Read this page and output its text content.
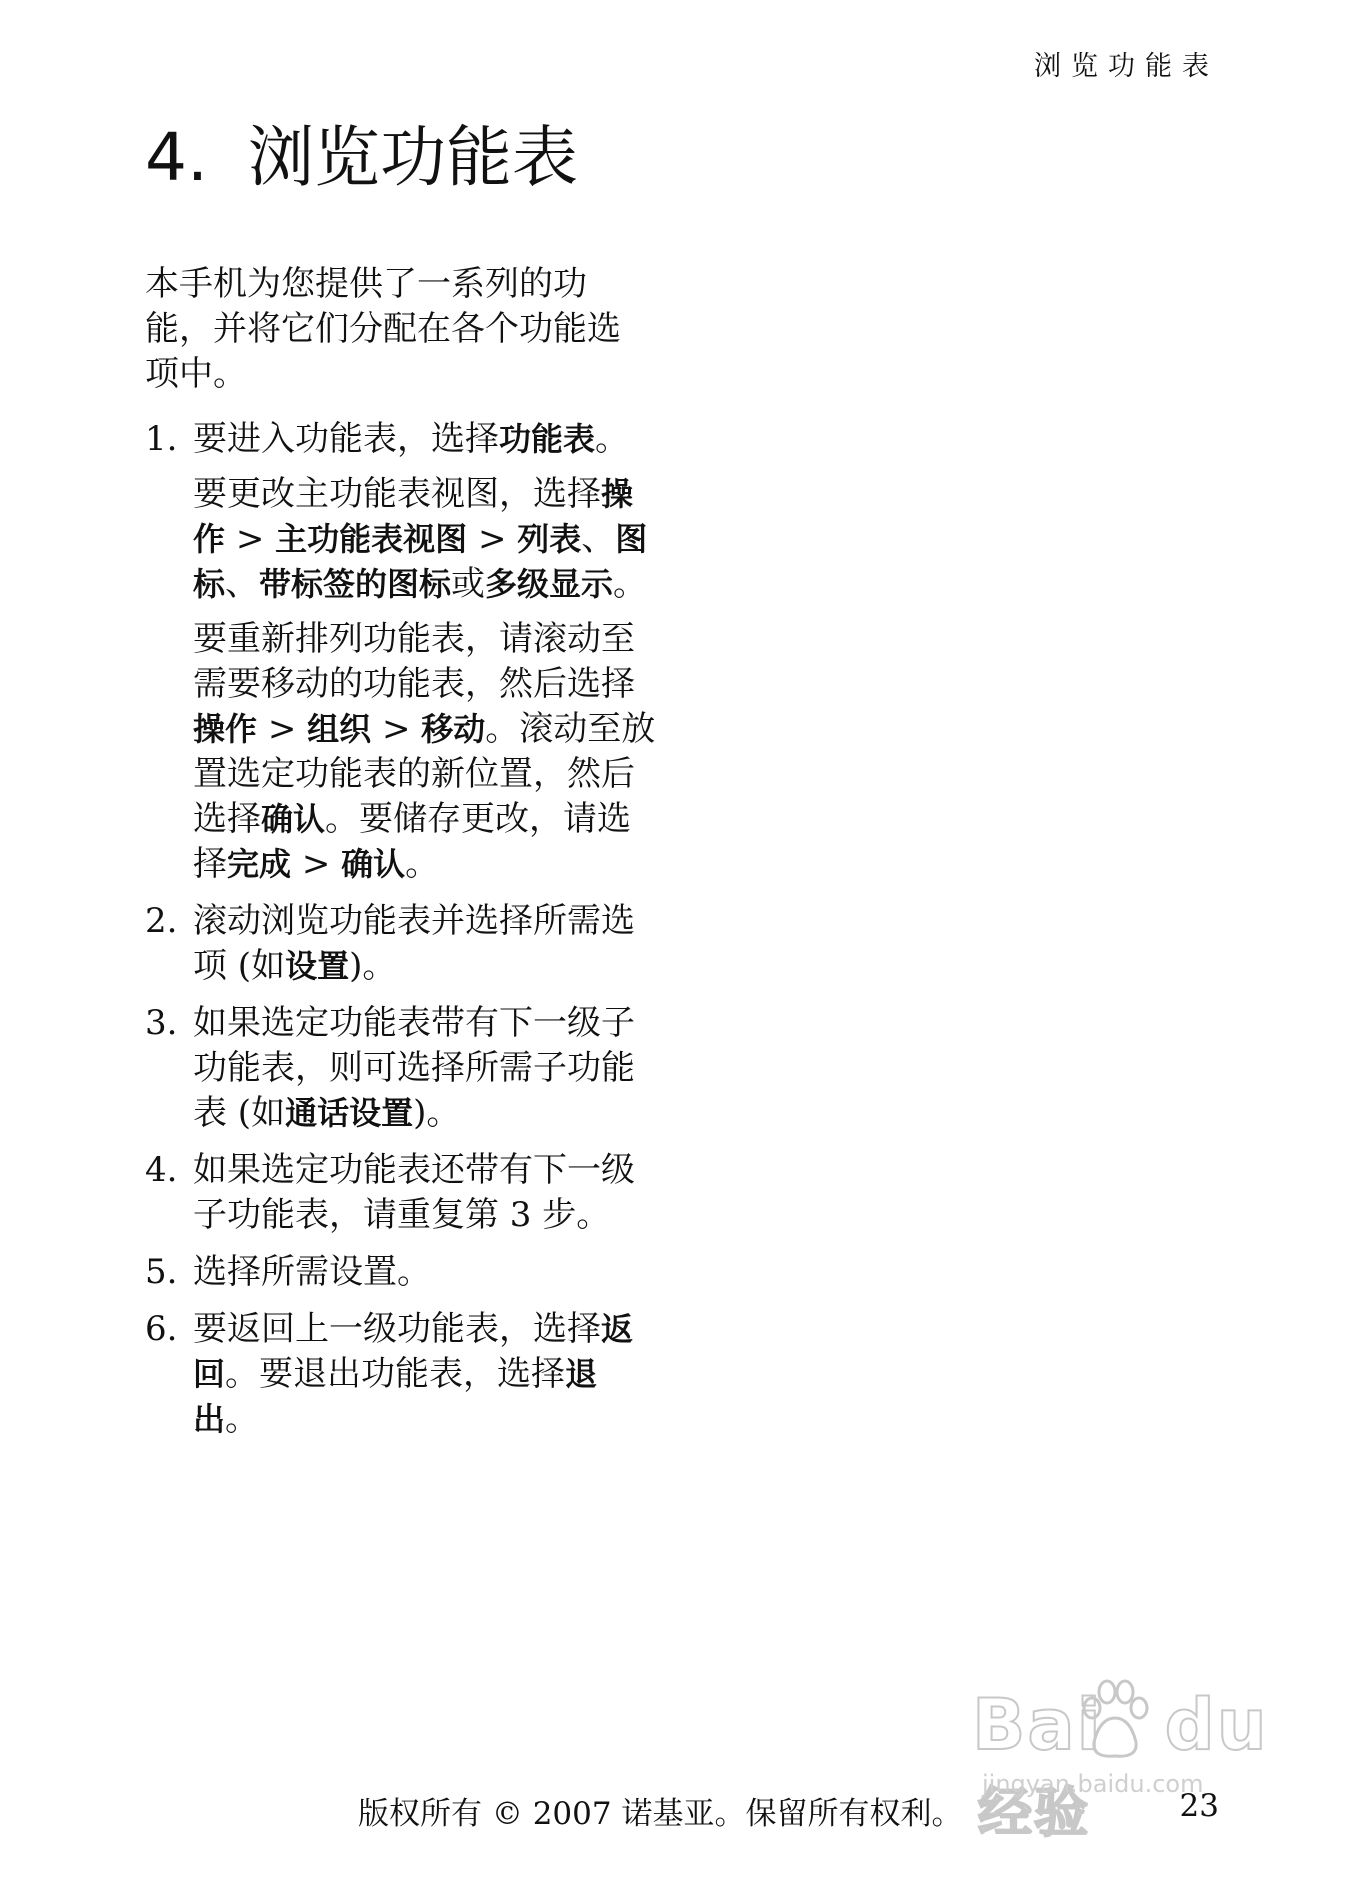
浏览功能表
4. 浏览功能表

本手机为您提供了一系列的功能，并将它们分配在各个功能选项中。

1. 要进入功能表，选择功能表。
要更改主功能表视图，选择操作 > 主功能表视图 > 列表、图标、带标签的图标或多级显示。
要重新排列功能表，请滚动至需要移动的功能表，然后选择操作 > 组织 > 移动。滚动至放置选定功能表的新位置，然后选择确认。要储存更改，请选择完成 > 确认。
2. 滚动浏览功能表并选择所需选项 (如设置)。
3. 如果选定功能表带有下一级子功能表，则可选择所需子功能表 (如通话设置)。
4. 如果选定功能表还带有下一级子功能表，请重复第 3 步。
5. 选择所需设置。
6. 要返回上一级功能表，选择返回。要退出功能表，选择退出。
Bai du经验
jingyan.baidu.com
版权所有 © 2007 诺基亚。保留所有权利。	23
